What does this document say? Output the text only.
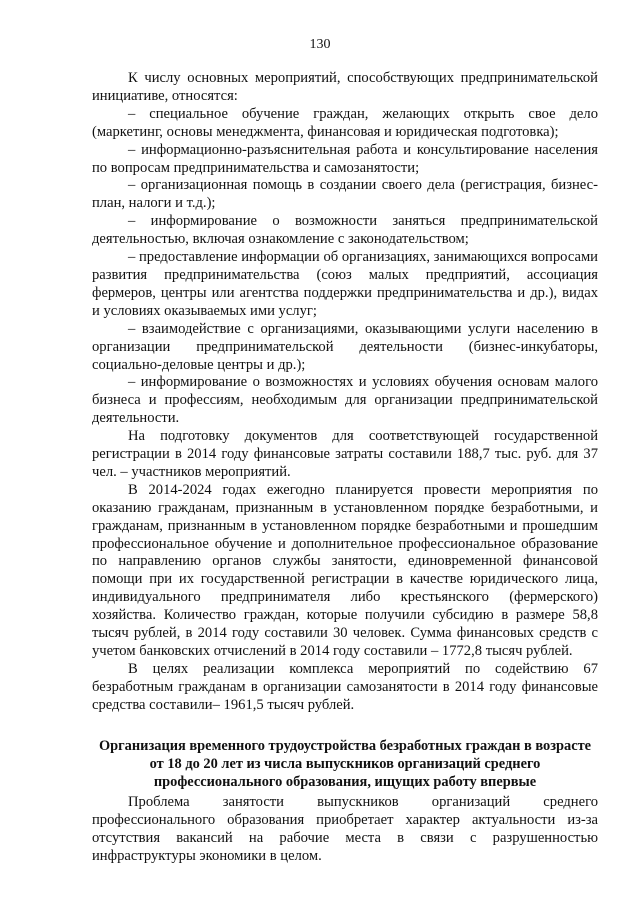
130

К числу основных мероприятий, способствующих предпринимательской инициативе, относятся:

– специальное обучение граждан, желающих открыть свое дело (маркетинг, основы менеджмента, финансовая и юридическая подготовка);

– информационно-разъяснительная работа и консультирование населения по вопросам предпринимательства и самозанятости;

– организационная помощь в создании своего дела (регистрация, бизнес-план, налоги и т.д.);

– информирование о возможности заняться предпринимательской деятельностью, включая ознакомление с законодательством;

– предоставление информации об организациях, занимающихся вопросами развития предпринимательства (союз малых предприятий, ассоциация фермеров, центры или агентства поддержки предпринимательства и др.), видах и условиях оказываемых ими услуг;

– взаимодействие с организациями, оказывающими услуги населению в организации предпринимательской деятельности (бизнес-инкубаторы, социально-деловые центры и др.);

– информирование о возможностях и условиях обучения основам малого бизнеса и профессиям, необходимым для организации предпринимательской деятельности.

На подготовку документов для соответствующей государственной регистрации в 2014 году финансовые затраты составили 188,7 тыс. руб. для 37 чел. – участников мероприятий.

В 2014-2024 годах ежегодно планируется провести мероприятия по оказанию гражданам, признанным в установленном порядке безработными, и гражданам, признанным в установленном порядке безработными и прошедшим профессиональное обучение и дополнительное профессиональное образование по направлению органов службы занятости, единовременной финансовой помощи при их государственной регистрации в качестве юридического лица, индивидуального предпринимателя либо крестьянского (фермерского) хозяйства. Количество граждан, которые получили субсидию в размере 58,8 тысяч рублей, в 2014 году составили 30 человек. Сумма финансовых средств с учетом банковских отчислений в 2014 году составили – 1772,8 тысяч рублей.

В целях реализации комплекса мероприятий по содействию 67 безработным гражданам в организации самозанятости в 2014 году финансовые средства составили– 1961,5 тысяч рублей.

Организация временного трудоустройства безработных граждан в возрасте от 18 до 20 лет из числа выпускников организаций среднего профессионального образования, ищущих работу впервые

Проблема занятости выпускников организаций среднего профессионального образования приобретает характер актуальности из-за отсутствия вакансий на рабочие места в связи с разрушенностью инфраструктуры экономики в целом.
